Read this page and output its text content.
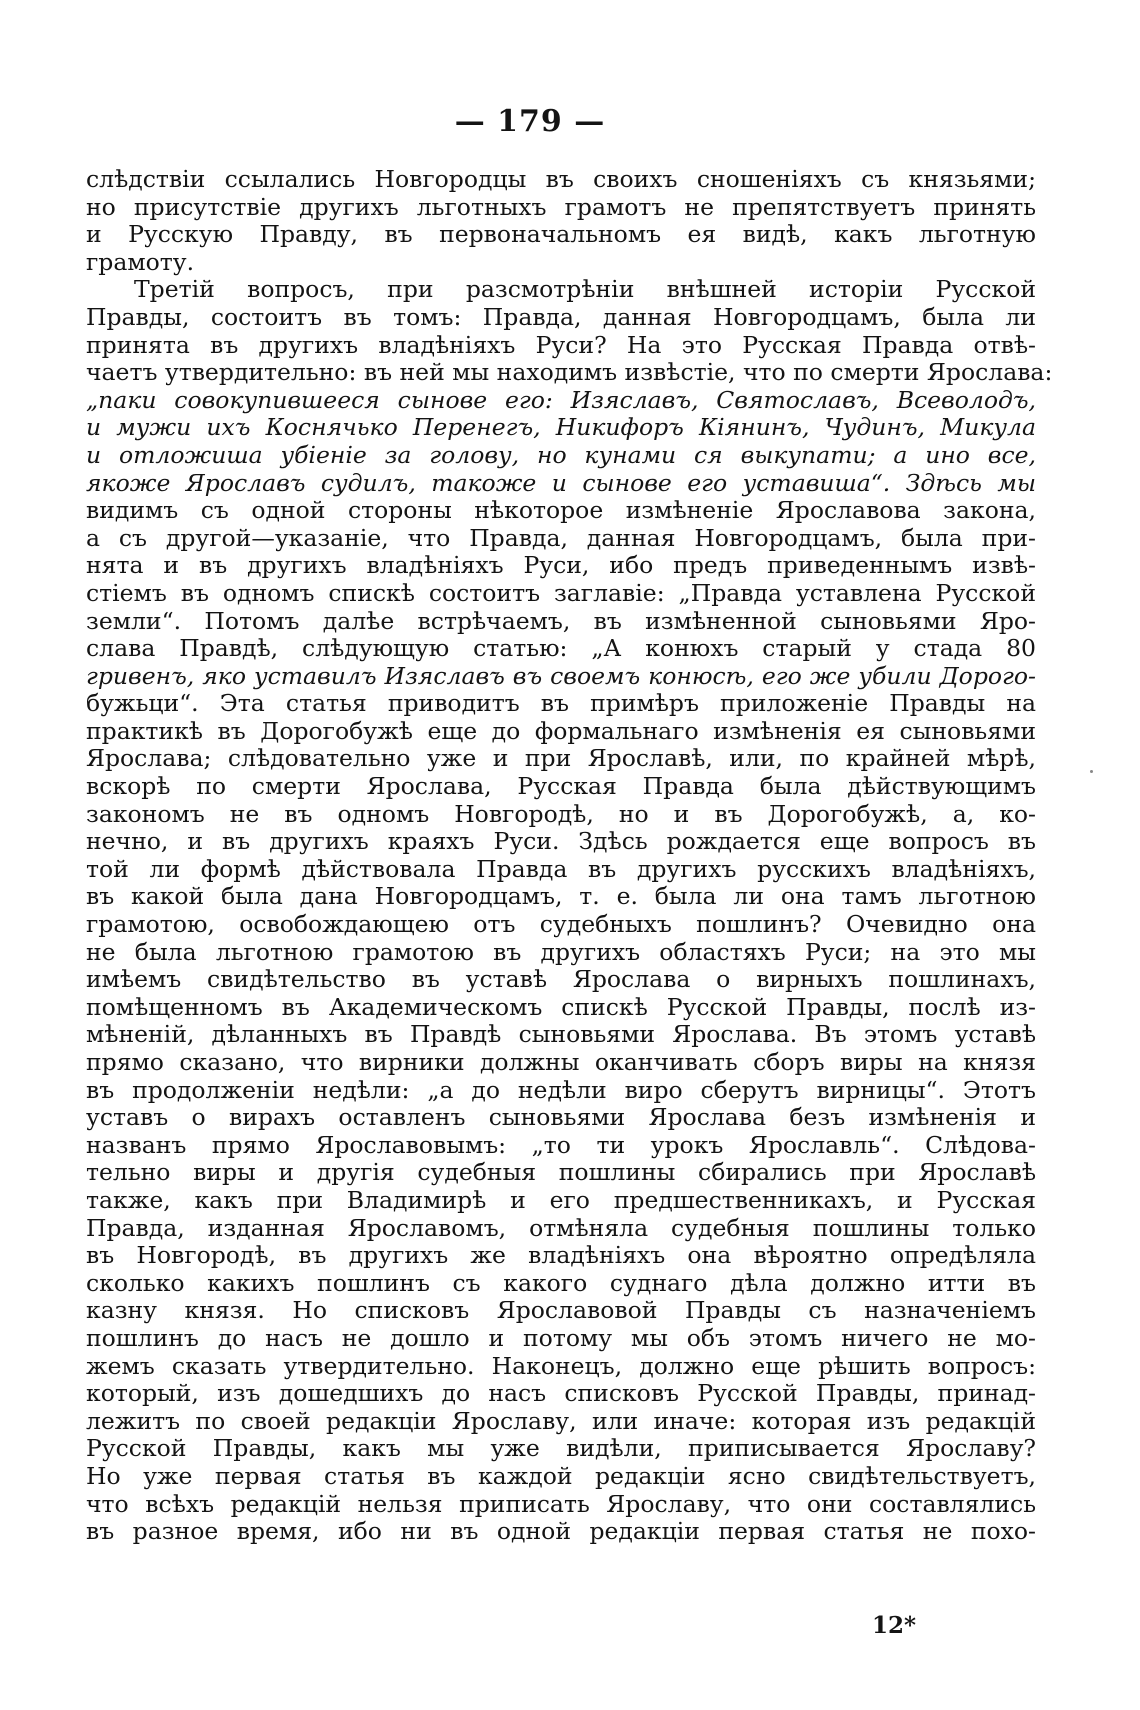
— 179 —
слѣдствіи ссылались Новгородцы въ своихъ сношеніяхъ съ князьями;
но присутствіе другихъ льготныхъ грамотъ не препятствуетъ принять
и Русскую Правду, въ первоначальномъ ея видѣ, какъ льготную
грамоту.
Третій вопросъ, при разсмотрѣніи внѣшней исторіи Русской
Правды, состоитъ въ томъ: Правда, данная Новгородцамъ, была ли
принята въ другихъ владѣніяхъ Руси? На это Русская Правда отвѣ-
чаетъ утвердительно: въ ней мы находимъ извѣстіе, что по смерти Ярослава:
„паки совокупившееся сынове его: Изяславъ, Святославъ, Всеволодъ,
и мужи ихъ Коснячько Перенегъ, Никифоръ Кіянинъ, Чудинъ, Микула
и отложиша убіеніе за голову, но кунами ся выкупати; а ино все,
якоже Ярославъ судилъ, такоже и сынове его уставиша“. Здѣсь мы
видимъ съ одной стороны нѣкоторое измѣненіе Ярославова закона,
а съ другой—указаніе, что Правда, данная Новгородцамъ, была при-
нята и въ другихъ владѣніяхъ Руси, ибо предъ приведеннымъ извѣ-
стіемъ въ одномъ спискѣ состоитъ заглавіе: „Правда уставлена Русской
земли“. Потомъ далѣе встрѣчаемъ, въ измѣненной сыновьями Яро-
слава Правдѣ, слѣдующую статью: „А конюхъ старый у стада 80
гривенъ, яко уставилъ Изяславъ въ своемъ конюсѣ, его же убили Дорого-
бужьци“. Эта статья приводитъ въ примѣръ приложеніе Правды на
практикѣ въ Дорогобужѣ еще до формальнаго измѣненія ея сыновьями
Ярослава; слѣдовательно уже и при Ярославѣ, или, по крайней мѣрѣ,
вскорѣ по смерти Ярослава, Русская Правда была дѣйствующимъ
закономъ не въ одномъ Новгородѣ, но и въ Дорогобужѣ, а, ко-
нечно, и въ другихъ краяхъ Руси. Здѣсь рождается еще вопросъ въ
той ли формѣ дѣйствовала Правда въ другихъ русскихъ владѣніяхъ,
въ какой была дана Новгородцамъ, т. е. была ли она тамъ льготною
грамотою, освобождающею отъ судебныхъ пошлинъ? Очевидно она
не была льготною грамотою въ другихъ областяхъ Руси; на это мы
имѣемъ свидѣтельство въ уставѣ Ярослава о вирныхъ пошлинахъ,
помѣщенномъ въ Академическомъ спискѣ Русской Правды, послѣ из-
мѣненій, дѣланныхъ въ Правдѣ сыновьями Ярослава. Въ этомъ уставѣ
прямо сказано, что вирники должны оканчивать сборъ виры на князя
въ продолженіи недѣли: „а до недѣли виро сберутъ вирницы“. Этотъ
уставъ о вирахъ оставленъ сыновьями Ярослава безъ измѣненія и
названъ прямо Ярославовымъ: „то ти урокъ Ярославль“. Слѣдова-
тельно виры и другія судебныя пошлины сбирались при Ярославѣ
также, какъ при Владимирѣ и его предшественникахъ, и Русская
Правда, изданная Ярославомъ, отмѣняла судебныя пошлины только
въ Новгородѣ, въ другихъ же владѣніяхъ она вѣроятно опредѣляла
сколько какихъ пошлинъ съ какого суднаго дѣла должно итти въ
казну князя. Но списковъ Ярославовой Правды съ назначеніемъ
пошлинъ до насъ не дошло и потому мы объ этомъ ничего не мо-
жемъ сказать утвердительно. Наконецъ, должно еще рѣшить вопросъ:
который, изъ дошедшихъ до насъ списковъ Русской Правды, принад-
лежитъ по своей редакціи Ярославу, или иначе: которая изъ редакцій
Русской Правды, какъ мы уже видѣли, приписывается Ярославу?
Но уже первая статья въ каждой редакціи ясно свидѣтельствуетъ,
что всѣхъ редакцій нельзя приписать Ярославу, что они составлялись
въ разное время, ибо ни въ одной редакціи первая статья не похо-
12*
